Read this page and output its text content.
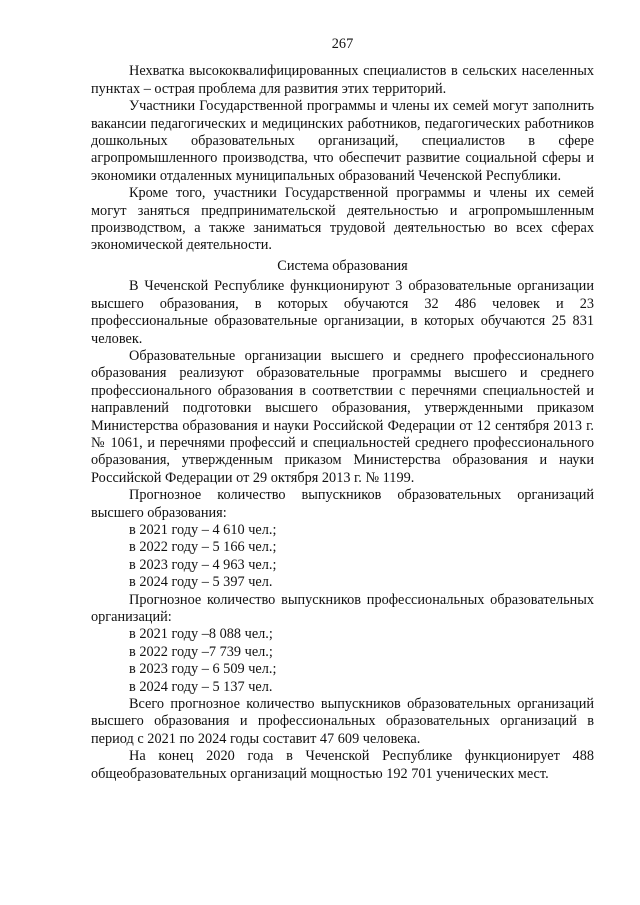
267

Нехватка высококвалифицированных специалистов в сельских населенных пунктах – острая проблема для развития этих территорий.

Участники Государственной программы и члены их семей могут заполнить вакансии педагогических и медицинских работников, педагогических работников дошкольных образовательных организаций, специалистов в сфере агропромышленного производства, что обеспечит развитие социальной сферы и экономики отдаленных муниципальных образований Чеченской Республики.

Кроме того, участники Государственной программы и члены их семей могут заняться предпринимательской деятельностью и агропромышленным производством, а также заниматься трудовой деятельностью во всех сферах экономической деятельности.

Система образования

В Чеченской Республике функционируют 3 образовательные организации высшего образования, в которых обучаются 32 486 человек и 23 профессиональные образовательные организации, в которых обучаются 25 831 человек.

Образовательные организации высшего и среднего профессионального образования реализуют образовательные программы высшего и среднего профессионального образования в соответствии с перечнями специальностей и направлений подготовки высшего образования, утвержденными приказом Министерства образования и науки Российской Федерации от 12 сентября 2013 г. № 1061, и перечнями профессий и специальностей среднего профессионального образования, утвержденным приказом Министерства образования и науки Российской Федерации от 29 октября 2013 г. № 1199.

Прогнозное количество выпускников образовательных организаций высшего образования:

в 2021 году – 4 610 чел.;
в 2022 году – 5 166 чел.;
в 2023 году – 4 963 чел.;
в 2024 году – 5 397 чел.

Прогнозное количество выпускников профессиональных образовательных организаций:

в 2021 году –8 088 чел.;
в 2022 году –7 739 чел.;
в 2023 году – 6 509 чел.;
в 2024 году – 5 137 чел.

Всего прогнозное количество выпускников образовательных организаций высшего образования и профессиональных образовательных организаций в период с 2021 по 2024 годы составит 47 609 человека.

На конец 2020 года в Чеченской Республике функционирует 488 общеобразовательных организаций мощностью 192 701 ученических мест.
